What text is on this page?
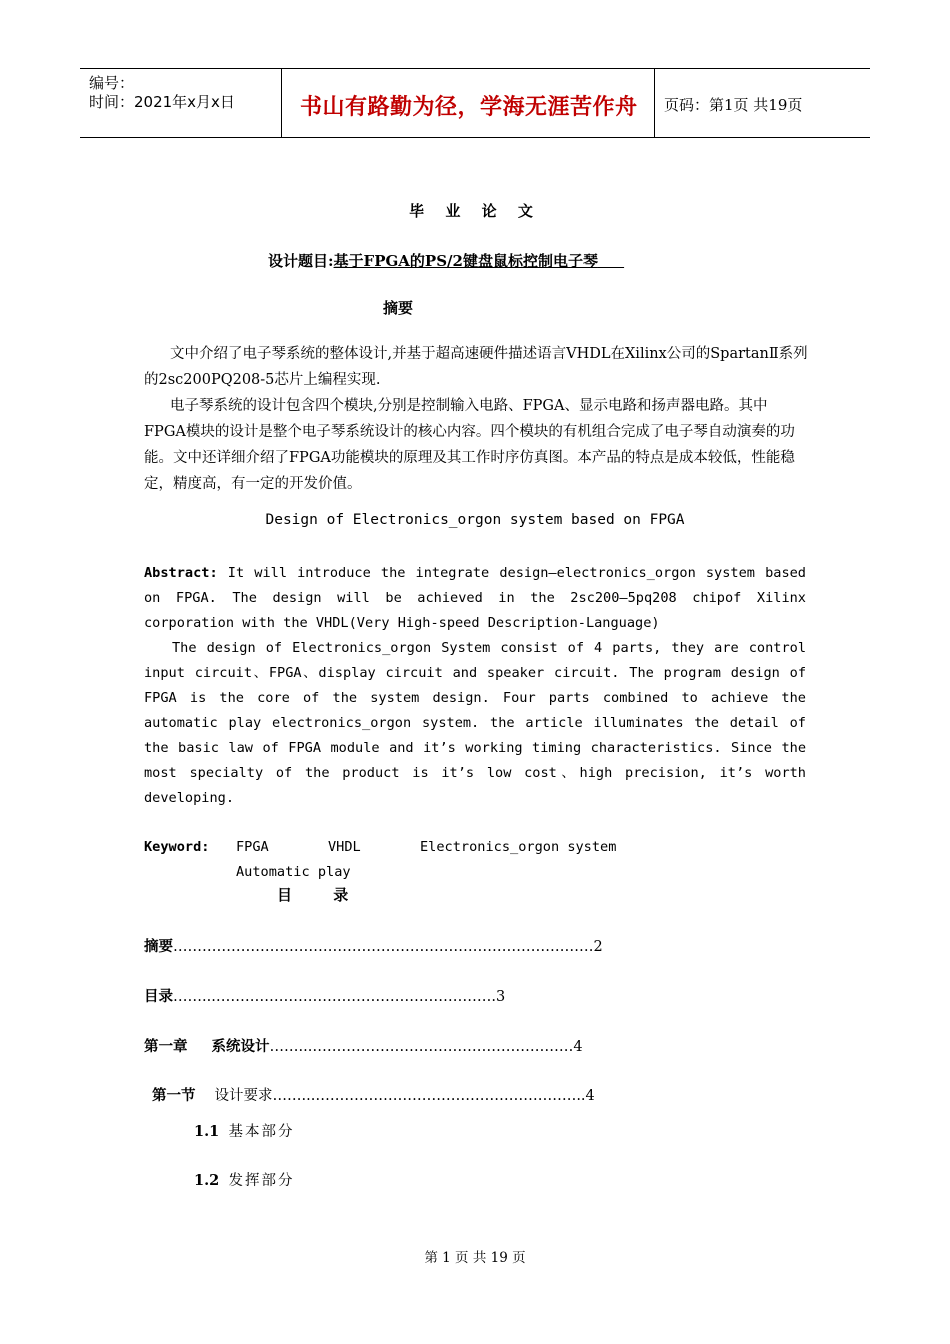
编号：
时间：2021年x月x日	书山有路勤为径，学海无涯苦作舟 页码：第1页 共19页
毕 业 论 文
设计题目:基于FPGA的PS/2键盘鼠标控制电子琴
摘要
文中介绍了电子琴系统的整体设计,并基于超高速硬件描述语言VHDL在Xilinx公司的SpartanⅡ系列的2sc200PQ208-5芯片上编程实现.
电子琴系统的设计包含四个模块,分别是控制输入电路、FPGA、显示电路和扬声器电路。其中FPGA模块的设计是整个电子琴系统设计的核心内容。四个模块的有机组合完成了电子琴自动演奏的功能。文中还详细介绍了FPGA功能模块的原理及其工作时序仿真图。本产品的特点是成本较低，性能稳定，精度高，有一定的开发价值。
Design of Electronics_orgon system based on FPGA
Abstract: It will introduce the integrate design—electronics_orgon system based on FPGA. The design will be achieved in the 2sc200—5pq208 chipof Xilinx corporation with the VHDL(Very High-speed Description-Language)
The design of Electronics_orgon System consist of 4 parts, they are control input circuit、FPGA、display circuit and speaker circuit. The program design of FPGA is the core of the system design. Four parts combined to achieve the automatic play electronics_orgon system. the article illuminates the detail of the basic law of FPGA module and it’s working timing characteristics. Since the most specialty of the product is it’s low cost、high precision, it’s worth developing.
Keyword: FPGA	VHDL	Electronics_orgon system
Automatic play
目 录
摘要……………………………………………………………………………2
目录……...………………………………………………….3
第一章 系统设计……...………………………………………………4
第一节 设计要求……...………………………………………………..4
1.1 基本部分
1.2 发挥部分
第 1 页 共 19 页
